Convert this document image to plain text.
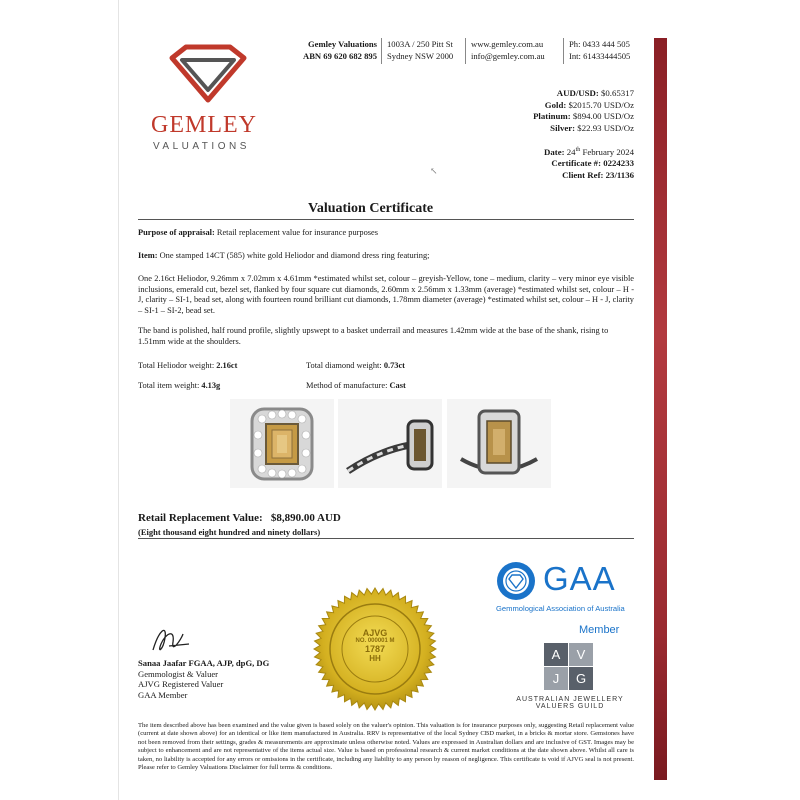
GEMLEY
VALUATIONS
Gemley Valuations
ABN 69 620 682 895
1003A / 250 Pitt St
Sydney NSW 2000
www.gemley.com.au
info@gemley.com.au
Ph: 0433 444 505
Int: 61433444505
AUD/USD: $0.65317
Gold: $2015.70 USD/Oz
Platinum: $894.00 USD/Oz
Silver: $22.93 USD/Oz
Date: 24th February 2024
Certificate #: 0224233
Client Ref: 23/1136
Valuation Certificate
Purpose of appraisal: Retail replacement value for insurance purposes
Item: One stamped 14CT (585) white gold Heliodor and diamond dress ring featuring;
One 2.16ct Heliodor, 9.26mm x 7.02mm x 4.61mm *estimated whilst set, colour – greyish-Yellow, tone – medium, clarity – very minor eye visible inclusions, emerald cut, bezel set, flanked by four square cut diamonds, 2.60mm x 2.56mm x 1.33mm (average) *estimated whilst set, colour – H - J, clarity – SI-1, bead set, along with fourteen round brilliant cut diamonds, 1.78mm diameter (average) *estimated whilst set, colour – H - J, clarity – SI-1 – SI-2, bead set.
The band is polished, half round profile, slightly upswept to a basket underrail and measures 1.42mm wide at the base of the shank, rising to 1.51mm wide at the shoulders.
Total Heliodor weight: 2.16ct	Total diamond weight: 0.73ct
Total item weight: 4.13g	Method of manufacture: Cast
Retail Replacement Value: $8,890.00 AUD
(Eight thousand eight hundred and ninety dollars)
GAA
Gemmological Association of Australia
Member
AJVG
NO. 000001 M
1787
HH	A	V
J	G
AUSTRALIAN JEWELLERY
VALUERS GUILD
Sanaa Jaafar FGAA, AJP, dpG, DG
Gemmologist & Valuer
AJVG Registered Valuer
GAA Member
The item described above has been examined and the value given is based solely on the valuer's opinion. This valuation is for insurance purposes only, suggesting Retail replacement value (current at date shown above) for an identical or like item manufactured in Australia. RRV is representative of the local Sydney CBD market, in a bricks & mortar store. Gemstones have not been removed from their settings, grades & measurements are approximate unless otherwise noted. Values are expressed in Australian dollars and are inclusive of GST. Images may be subject to enhancement and are not representative of the items actual size. Value is based on professional research & current market conditions at the date shown above. Whilst all care is taken, no liability is accepted for any errors or omissions in the certificate, including any liability to any person by reason of negligence. This certificate is void if AJVG seal is not present. Please refer to Gemley Valuations Disclaimer for full terms & conditions.
↖
